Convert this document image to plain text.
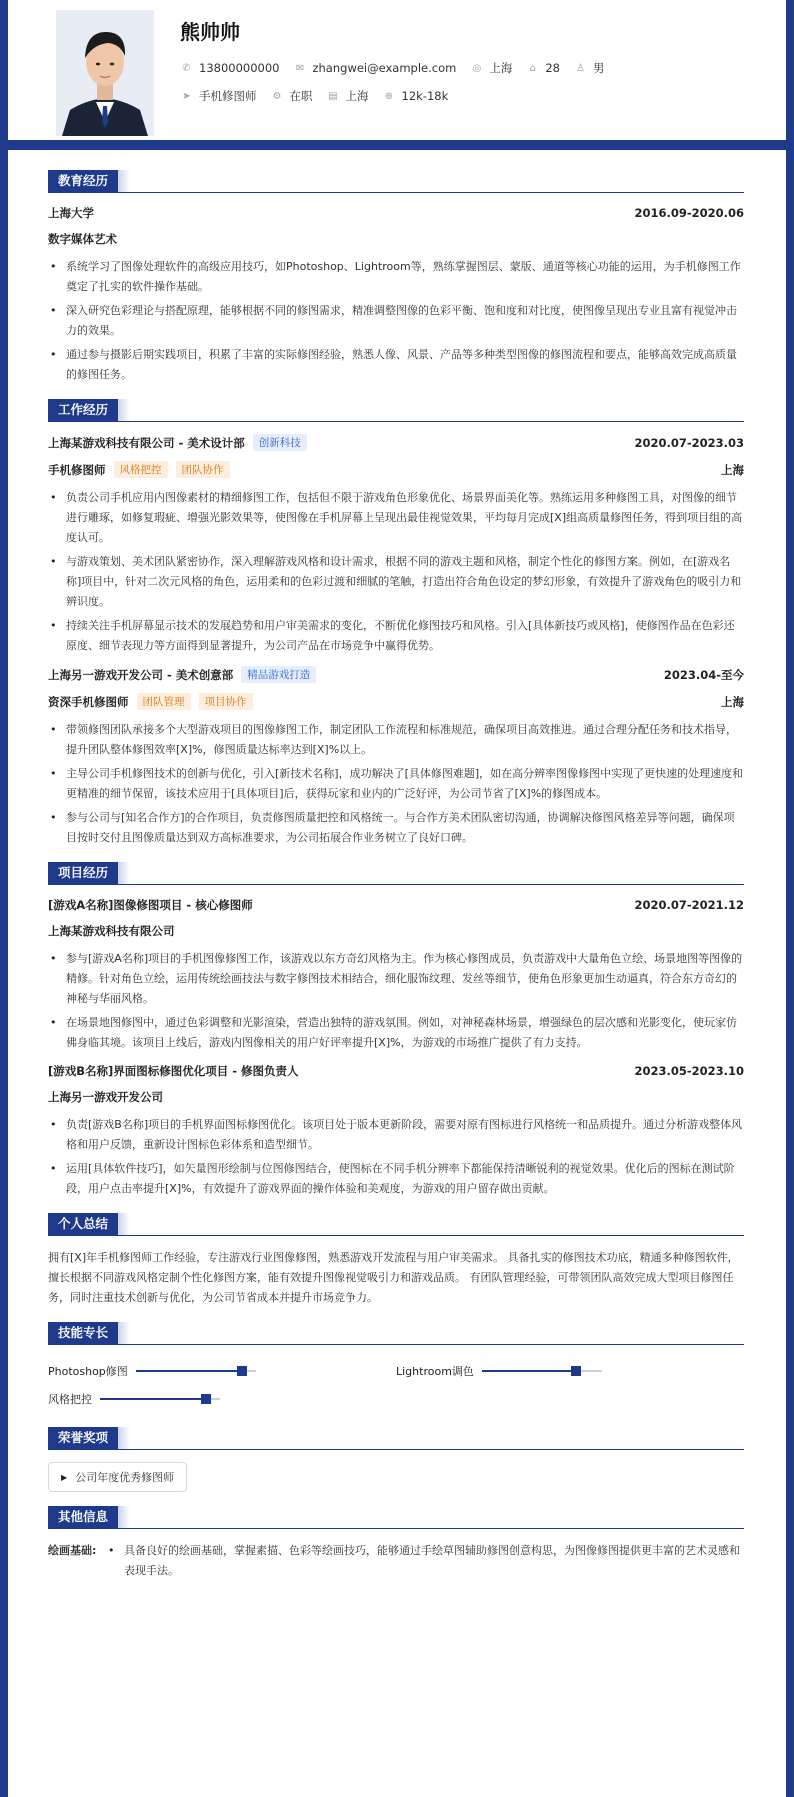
熊帅帅
✆ 13800000000 ✉ zhangwei@example.com ◎ 上海	⌂ 28 ♙ 男
➤ 手机修图师 ⚙ 在职 ▤ 上海 ⊕ 12k-18k
教育经历
上海大学	2016.09-2020.06
数字媒体艺术
• 系统学习了图像处理软件的高级应用技巧，如Photoshop、Lightroom等，熟练掌握图层、蒙版、通道等核心功能的运用，为手机修图工作奠定了扎实的软件操作基础。
• 深入研究色彩理论与搭配原理，能够根据不同的修图需求，精准调整图像的色彩平衡、饱和度和对比度，使图像呈现出专业且富有视觉冲击力的效果。
• 通过参与摄影后期实践项目，积累了丰富的实际修图经验，熟悉人像、风景、产品等多种类型图像的修图流程和要点，能够高效完成高质量的修图任务。
工作经历
上海某游戏科技有限公司 - 美术设计部	创新科技	2020.07-2023.03
手机修图师	风格把控	团队协作	上海
• 负责公司手机应用内图像素材的精细修图工作，包括但不限于游戏角色形象优化、场景界面美化等。熟练运用多种修图工具，对图像的细节进行雕琢，如修复瑕疵、增强光影效果等，使图像在手机屏幕上呈现出最佳视觉效果，平均每月完成[X]组高质量修图任务，得到项目组的高度认可。
• 与游戏策划、美术团队紧密协作，深入理解游戏风格和设计需求，根据不同的游戏主题和风格，制定个性化的修图方案。例如，在[游戏名称]项目中，针对二次元风格的角色，运用柔和的色彩过渡和细腻的笔触，打造出符合角色设定的梦幻形象，有效提升了游戏角色的吸引力和辨识度。
• 持续关注手机屏幕显示技术的发展趋势和用户审美需求的变化，不断优化修图技巧和风格。引入[具体新技巧或风格]，使修图作品在色彩还原度、细节表现力等方面得到显著提升，为公司产品在市场竞争中赢得优势。
上海另一游戏开发公司 - 美术创意部	精品游戏打造	2023.04-至今
资深手机修图师	团队管理	项目协作	上海
• 带领修图团队承接多个大型游戏项目的图像修图工作，制定团队工作流程和标准规范，确保项目高效推进。通过合理分配任务和技术指导，提升团队整体修图效率[X]%，修图质量达标率达到[X]%以上。
• 主导公司手机修图技术的创新与优化，引入[新技术名称]，成功解决了[具体修图难题]，如在高分辨率图像修图中实现了更快速的处理速度和更精准的细节保留，该技术应用于[具体项目]后，获得玩家和业内的广泛好评，为公司节省了[X]%的修图成本。
• 参与公司与[知名合作方]的合作项目，负责修图质量把控和风格统一。与合作方美术团队密切沟通，协调解决修图风格差异等问题，确保项目按时交付且图像质量达到双方高标准要求，为公司拓展合作业务树立了良好口碑。
项目经历
[游戏A名称]图像修图项目 - 核心修图师	2020.07-2021.12
上海某游戏科技有限公司
• 参与[游戏A名称]项目的手机图像修图工作，该游戏以东方奇幻风格为主。作为核心修图成员，负责游戏中大量角色立绘、场景地图等图像的精修。针对角色立绘，运用传统绘画技法与数字修图技术相结合，细化服饰纹理、发丝等细节，使角色形象更加生动逼真，符合东方奇幻的神秘与华丽风格。
• 在场景地图修图中，通过色彩调整和光影渲染，营造出独特的游戏氛围。例如，对神秘森林场景，增强绿色的层次感和光影变化，使玩家仿佛身临其境。该项目上线后，游戏内图像相关的用户好评率提升[X]%，为游戏的市场推广提供了有力支持。
[游戏B名称]界面图标修图优化项目 - 修图负责人	2023.05-2023.10
上海另一游戏开发公司
• 负责[游戏B名称]项目的手机界面图标修图优化。该项目处于版本更新阶段，需要对原有图标进行风格统一和品质提升。通过分析游戏整体风格和用户反馈，重新设计图标色彩体系和造型细节。
• 运用[具体软件技巧]，如矢量图形绘制与位图修图结合，使图标在不同手机分辨率下都能保持清晰锐利的视觉效果。优化后的图标在测试阶段，用户点击率提升[X]%，有效提升了游戏界面的操作体验和美观度，为游戏的用户留存做出贡献。
个人总结
拥有[X]年手机修图师工作经验，专注游戏行业图像修图，熟悉游戏开发流程与用户审美需求。 具备扎实的修图技术功底，精通多种修图软件，擅长根据不同游戏风格定制个性化修图方案，能有效提升图像视觉吸引力和游戏品质。 有团队管理经验，可带领团队高效完成大型项目修图任务，同时注重技术创新与优化，为公司节省成本并提升市场竞争力。
技能专长
Photoshop修图	Lightroom调色
风格把控
荣誉奖项
▶ 公司年度优秀修图师
其他信息
绘画基础:
•	具备良好的绘画基础，掌握素描、色彩等绘画技巧，能够通过手绘草图辅助修图创意构思，为图像修图提供更丰富的艺术灵感和表现手法。
